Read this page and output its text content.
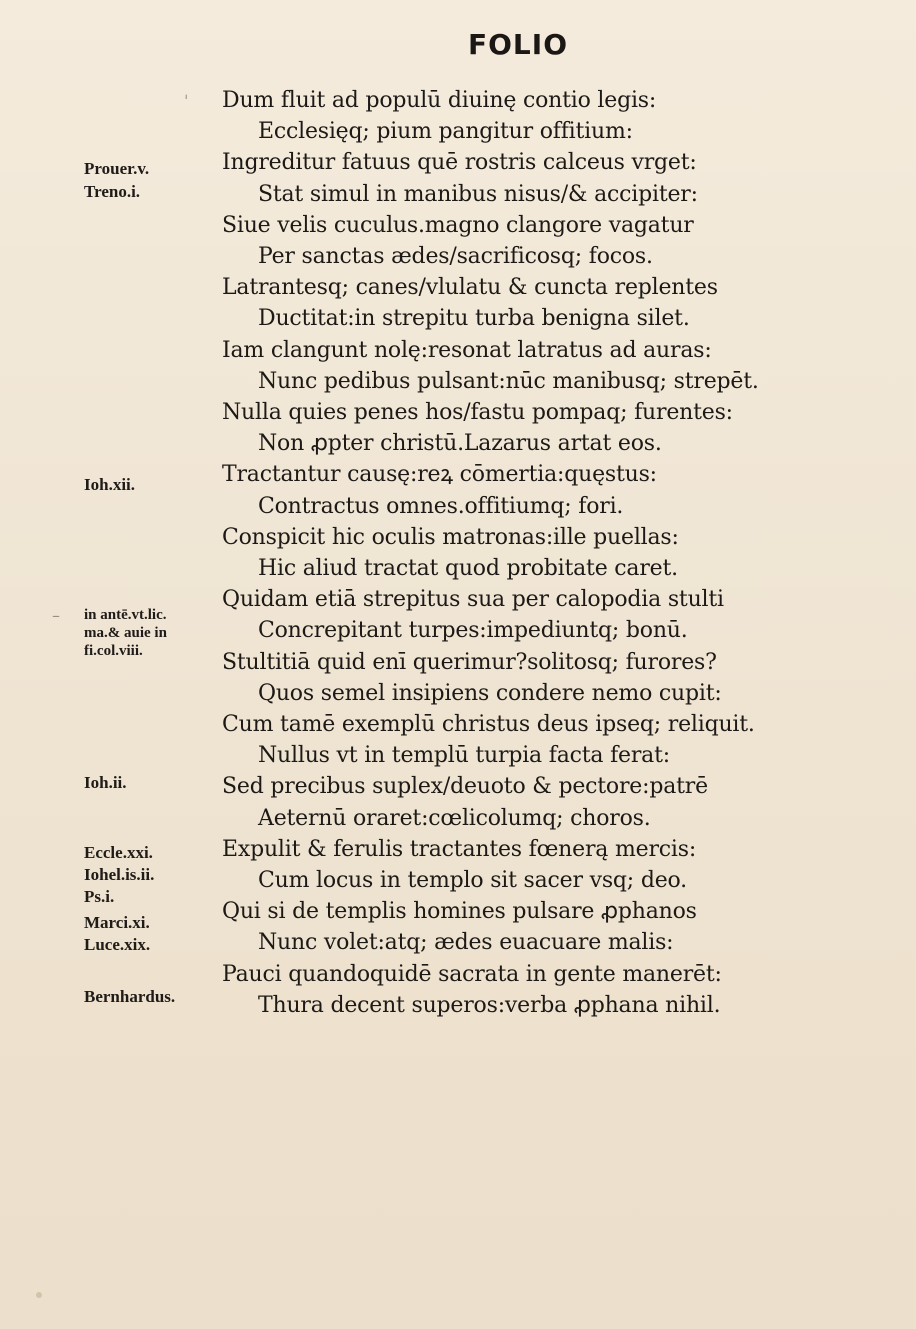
FOLIO
ˈ
–
Prouer.v.
Treno.i.
Ioh.xii.
in antē.vt.lic.
ma.& auie in
fi.col.viii.
Ioh.ii.
Eccle.xxi.
Iohel.is.ii.
Ps.i.
Marci.xi.
Luce.xix.
Bernhardus.
Dum fluit ad populū diuinę contio legis:
Ecclesięq; pium pangitur offitium:
Ingreditur fatuus quē rostris calceus vrget:
Stat simul in manibus nisus/& accipiter:
Siue velis cuculus.magno clangore vagatur
Per sanctas ædes/sacrificosq; focos.
Latrantesq; canes/vlulatu & cuncta replentes
Ductitat:in strepitu turba benigna silet.
Iam clangunt nolę:resonat latratus ad auras:
Nunc pedibus pulsant:nūc manibusq; strepēt.
Nulla quies penes hos/fastu pompaq; furentes:
Non ꝓpter christū.Lazarus artat eos.
Tractantur causę:reꝝ cōmertia:quęstus:
Contractus omnes.offitiumq; fori.
Conspicit hic oculis matronas:ille puellas:
Hic aliud tractat quod probitate caret.
Quidam etiā strepitus sua per calopodia stulti
Concrepitant turpes:impediuntq; bonū.
Stultitiā quid enī querimur?solitosq; furores?
Quos semel insipiens condere nemo cupit:
Cum tamē exemplū christus deus ipseq; reliquit.
Nullus vt in templū turpia facta ferat:
Sed precibus suplex/deuoto & pectore:patrē
Aeternū oraret:cœlicolumq; choros.
Expulit & ferulis tractantes fœnerą mercis:
Cum locus in templo sit sacer vsq; deo.
Qui si de templis homines pulsare ꝓphanos
Nunc volet:atq; ædes euacuare malis:
Pauci quandoquidē sacrata in gente manerēt:
Thura decent superos:verba ꝓphana nihil.
